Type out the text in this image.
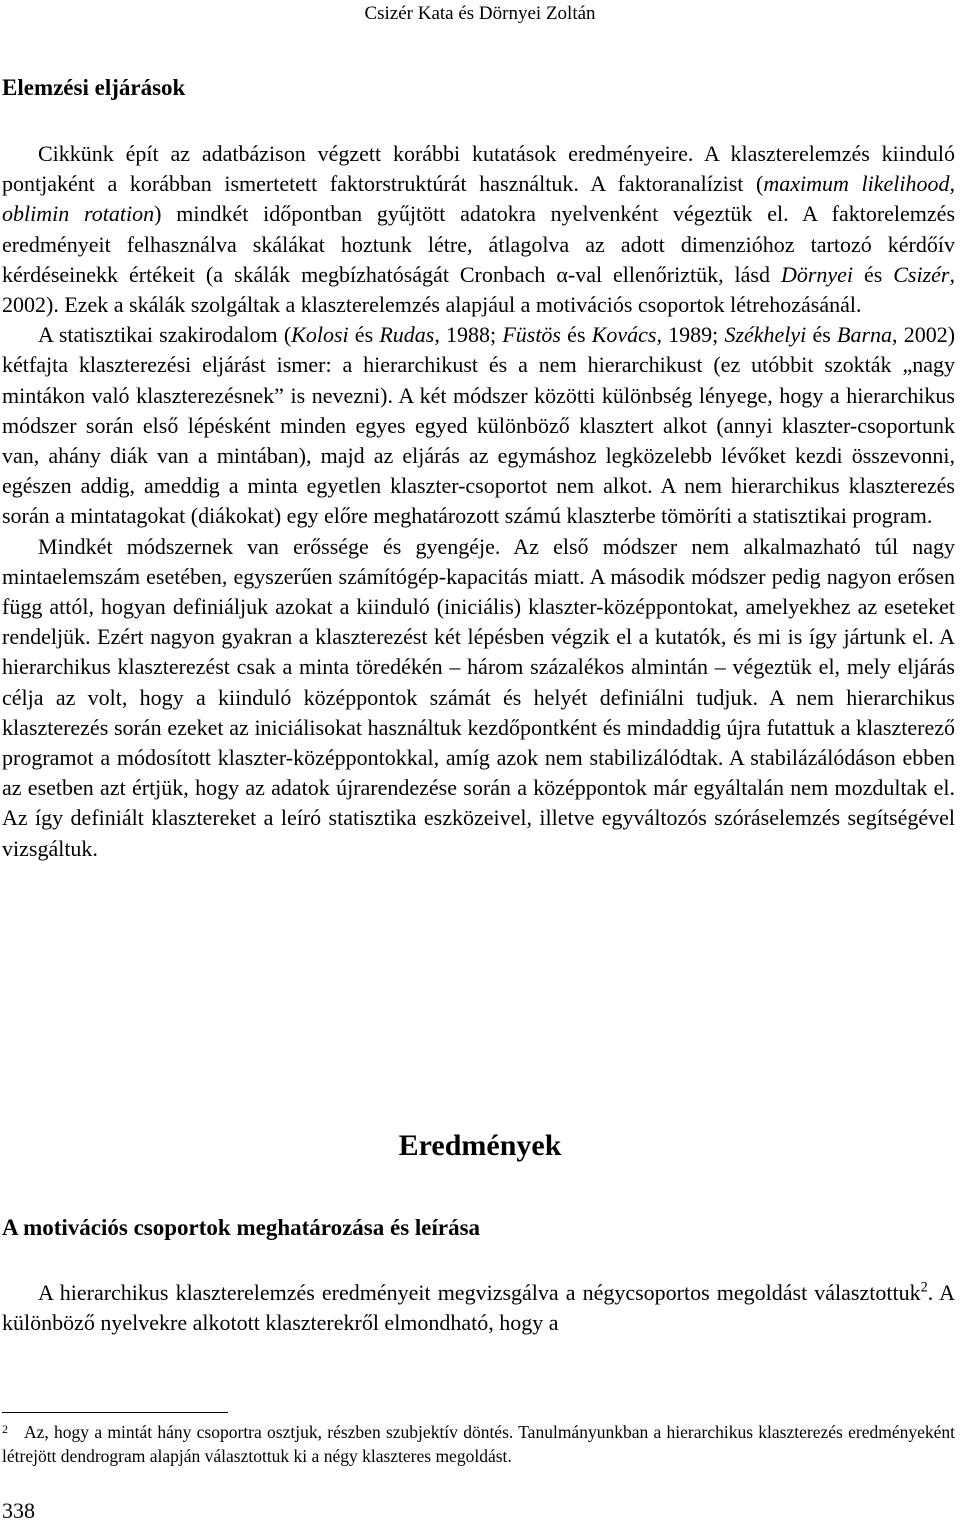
Csizér Kata és Dörnyei Zoltán
Elemzési eljárások

Cikkünk épít az adatbázison végzett korábbi kutatások eredményeire. A klaszterelemzés kiinduló pontjaként a korábban ismertetett faktorstruktúrát használtuk. A faktoranalízist (maximum likelihood, oblimin rotation) mindkét időpontban gyűjtött adatokra nyelvenként végeztük el. A faktorelemzés eredményeit felhasználva skálákat hoztunk létre, átlagolva az adott dimenzióhoz tartozó kérdőív kérdéseinekk értékeit (a skálák megbízhatóságát Cronbach α-val ellenőriztük, lásd Dörnyei és Csizér, 2002). Ezek a skálák szolgáltak a klaszterelemzés alapjául a motivációs csoportok létrehozásánál.

A statisztikai szakirodalom (Kolosi és Rudas, 1988; Füstös és Kovács, 1989; Székhelyi és Barna, 2002) kétfajta klaszterezési eljárást ismer: a hierarchikust és a nem hierarchikust (ez utóbbit szokták „nagy mintákon való klaszterezésnek” is nevezni). A két módszer közötti különbség lényege, hogy a hierarchikus módszer során első lépésként minden egyes egyed különböző klasztert alkot (annyi klaszter-csoportunk van, ahány diák van a mintában), majd az eljárás az egymáshoz legközelebb lévőket kezdi összevonni, egészen addig, ameddig a minta egyetlen klaszter-csoportot nem alkot. A nem hierarchikus klaszterezés során a mintatagokat (diákokat) egy előre meghatározott számú klaszterbe tömöríti a statisztikai program.

Mindkét módszernek van erőssége és gyengéje. Az első módszer nem alkalmazható túl nagy mintaelemszám esetében, egyszerűen számítógép-kapacitás miatt. A második módszer pedig nagyon erősen függ attól, hogyan definiáljuk azokat a kiinduló (iniciális) klaszter-középpontokat, amelyekhez az eseteket rendeljük. Ezért nagyon gyakran a klaszterezést két lépésben végzik el a kutatók, és mi is így jártunk el. A hierarchikus klaszterezést csak a minta töredékén – három százalékos almintán – végeztük el, mely eljárás célja az volt, hogy a kiinduló középpontok számát és helyét definiálni tudjuk. A nem hierarchikus klaszterezés során ezeket az iniciálisokat használtuk kezdőpontként és mindaddig újra futattuk a klaszterező programot a módosított klaszter-középpontokkal, amíg azok nem stabilizálódtak. A stabilázálódáson ebben az esetben azt értjük, hogy az adatok újrarendezése során a középpontok már egyáltalán nem mozdultak el. Az így definiált klasztereket a leíró statisztika eszközeivel, illetve egyváltozós szóráselemzés segítségével vizsgáltuk.

Eredmények
A motivációs csoportok meghatározása és leírása

A hierarchikus klaszterelemzés eredményeit megvizsgálva a négycsoportos megoldást választottuk$^2$. A különböző nyelvekre alkotott klaszterekről elmondható, hogy a

2 Az, hogy a mintát hány csoportra osztjuk, részben szubjektív döntés. Tanulmányunkban a hierarchikus klaszterezés eredményeként létrejött dendrogram alapján választottuk ki a négy klaszteres megoldást.
338
